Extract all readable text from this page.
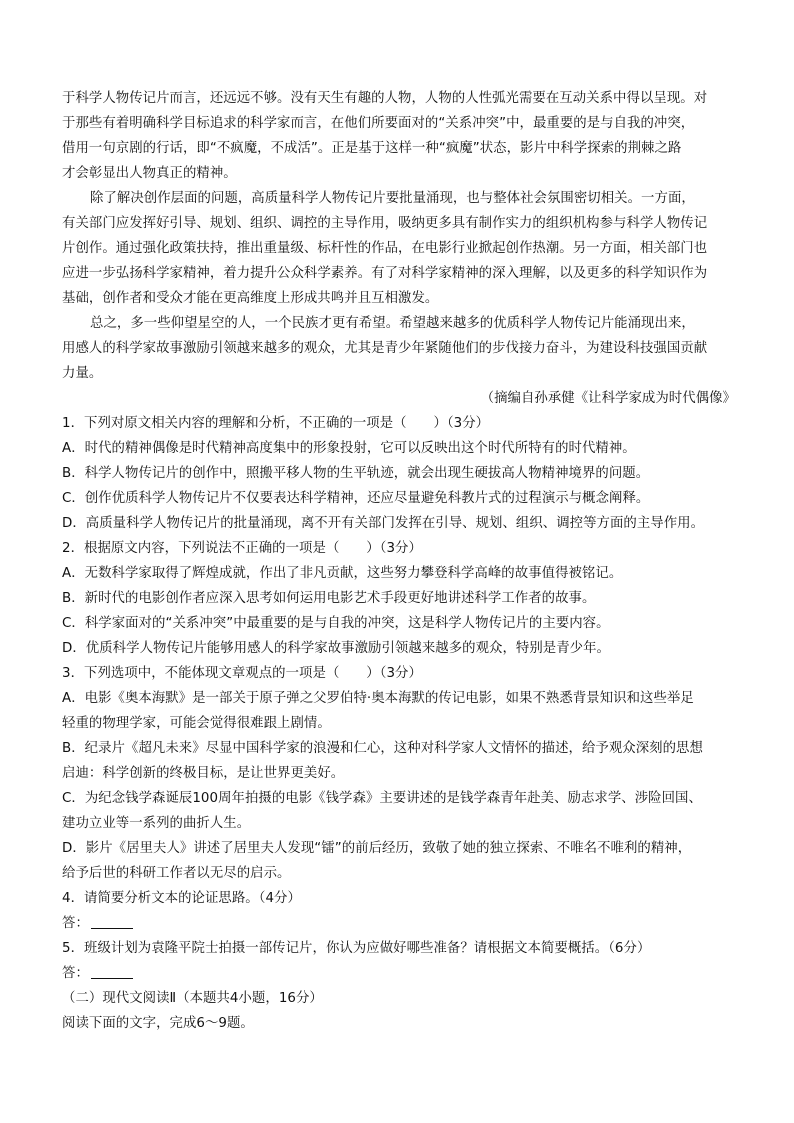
于科学人物传记片而言，还远远不够。没有天生有趣的人物，人物的人性弧光需要在互动关系中得以呈现。对
于那些有着明确科学目标追求的科学家而言，在他们所要面对的“关系冲突”中，最重要的是与自我的冲突，
借用一句京剧的行话，即“不疯魔，不成活”。正是基于这样一种“疯魔”状态，影片中科学探索的荆棘之路
才会彰显出人物真正的精神。
除了解决创作层面的问题，高质量科学人物传记片要批量涌现，也与整体社会氛围密切相关。一方面，
有关部门应发挥好引导、规划、组织、调控的主导作用，吸纳更多具有制作实力的组织机构参与科学人物传记
片创作。通过强化政策扶持，推出重量级、标杆性的作品，在电影行业掀起创作热潮。另一方面，相关部门也
应进一步弘扬科学家精神，着力提升公众科学素养。有了对科学家精神的深入理解，以及更多的科学知识作为
基础，创作者和受众才能在更高维度上形成共鸣并且互相激发。
总之，多一些仰望星空的人，一个民族才更有希望。希望越来越多的优质科学人物传记片能涌现出来，
用感人的科学家故事激励引领越来越多的观众，尤其是青少年紧随他们的步伐接力奋斗，为建设科技强国贡献
力量。
（摘编自孙承健《让科学家成为时代偶像》
1．下列对原文相关内容的理解和分析，不正确的一项是（　　）（3分）
A．时代的精神偶像是时代精神高度集中的形象投射，它可以反映出这个时代所特有的时代精神。
B．科学人物传记片的创作中，照搬平移人物的生平轨迹，就会出现生硬拔高人物精神境界的问题。
C．创作优质科学人物传记片不仅要表达科学精神，还应尽量避免科教片式的过程演示与概念阐释。
D．高质量科学人物传记片的批量涌现，离不开有关部门发挥在引导、规划、组织、调控等方面的主导作用。
2．根据原文内容，下列说法不正确的一项是（　　）（3分）
A．无数科学家取得了辉煌成就，作出了非凡贡献，这些努力攀登科学高峰的故事值得被铭记。
B．新时代的电影创作者应深入思考如何运用电影艺术手段更好地讲述科学工作者的故事。
C．科学家面对的“关系冲突”中最重要的是与自我的冲突，这是科学人物传记片的主要内容。
D．优质科学人物传记片能够用感人的科学家故事激励引领越来越多的观众，特别是青少年。
3．下列选项中，不能体现文章观点的一项是（　　）（3分）
A．电影《奥本海默》是一部关于原子弹之父罗伯特·奥本海默的传记电影，如果不熟悉背景知识和这些举足
轻重的物理学家，可能会觉得很难跟上剧情。
B．纪录片《超凡未来》尽显中国科学家的浪漫和仁心，这种对科学家人文情怀的描述，给予观众深刻的思想
启迪：科学创新的终极目标，是让世界更美好。
C．为纪念钱学森诞辰100周年拍摄的电影《钱学森》主要讲述的是钱学森青年赴美、励志求学、涉险回国、
建功立业等一系列的曲折人生。
D．影片《居里夫人》讲述了居里夫人发现“镭”的前后经历，致敬了她的独立探索、不唯名不唯利的精神，
给予后世的科研工作者以无尽的启示。
4．请简要分析文本的论证思路。（4分）
答：
5．班级计划为袁隆平院士拍摄一部传记片，你认为应做好哪些准备？请根据文本简要概括。（6分）
答：
（二）现代文阅读Ⅱ（本题共4小题，16分）
阅读下面的文字，完成6～9题。
